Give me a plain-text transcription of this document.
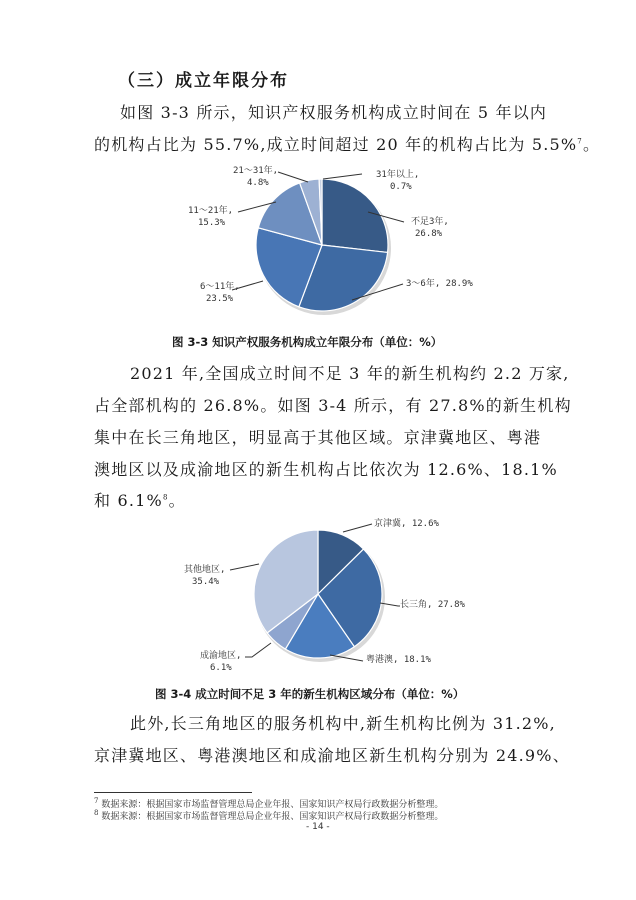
（三）成立年限分布
如图 3-3 所示，知识产权服务机构成立时间在 5 年以内
的机构占比为 55.7%,成立时间超过 20 年的机构占比为 5.5%$^7$。
不足3年,
26.8%
3～6年, 28.9%
6～11年,
23.5%
11～21年,
15.3%
21～31年,
4.8%
31年以上,
0.7%
图 3-3 知识产权服务机构成立年限分布（单位：%）
2021 年,全国成立时间不足 3 年的新生机构约 2.2 万家,
占全部机构的 26.8%。如图 3-4 所示，有 27.8%的新生机构
集中在长三角地区，明显高于其他区域。京津冀地区、粤港
澳地区以及成渝地区的新生机构占比依次为 12.6%、18.1%
和 6.1%$^8$。
京津冀, 12.6%
长三角, 27.8%
粤港澳, 18.1%
成渝地区,
6.1%
其他地区,
35.4%
图 3-4 成立时间不足 3 年的新生机构区域分布（单位：%）
此外,长三角地区的服务机构中,新生机构比例为 31.2%,
京津冀地区、粤港澳地区和成渝地区新生机构分别为 24.9%、
$^7$ 数据来源：根据国家市场监督管理总局企业年报、国家知识产权局行政数据分析整理。
$^8$ 数据来源：根据国家市场监督管理总局企业年报、国家知识产权局行政数据分析整理。
- 14 -
